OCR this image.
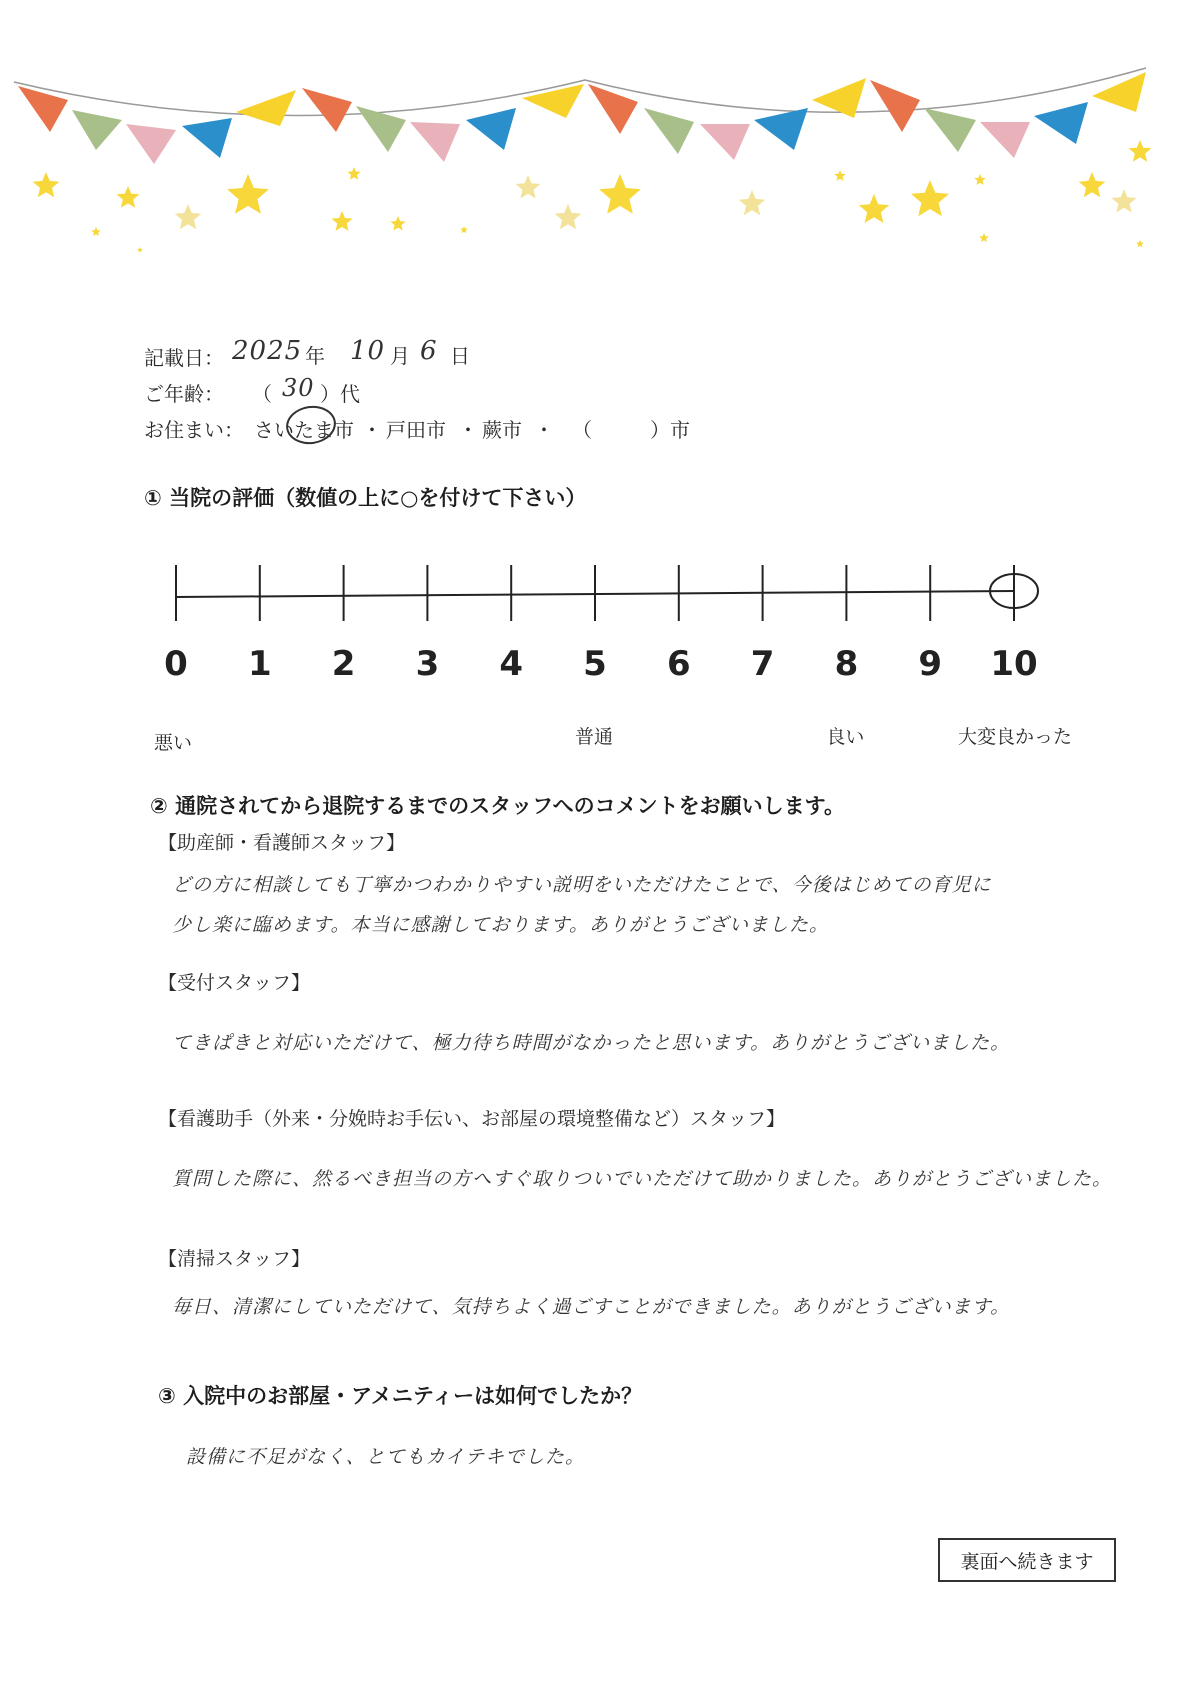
記載日： 2025 年 10 月 6 日
ご年齢： （ 30 ）代
お住まい： さいたま市 ・ 戸田市 ・ 蕨市 ・ （	）市
① 当院の評価（数値の上に○を付けて下さい）
0 1 2 3 4 5 6 7 8 9 10
悪い	普通	良い	大変良かった
② 通院されてから退院するまでのスタッフへのコメントをお願いします。
【助産師・看護師スタッフ】
どの方に相談しても丁寧かつわかりやすい説明をいただけたことで、今後はじめての育児に
少し楽に臨めます。本当に感謝しております。ありがとうございました。
【受付スタッフ】
てきぱきと対応いただけて、極力待ち時間がなかったと思います。ありがとうございました。
【看護助手（外来・分娩時お手伝い、お部屋の環境整備など）スタッフ】
質問した際に、然るべき担当の方へすぐ取りついでいただけて助かりました。ありがとうございました。
【清掃スタッフ】
毎日、清潔にしていただけて、気持ちよく過ごすことができました。ありがとうございます。
③ 入院中のお部屋・アメニティーは如何でしたか？
設備に不足がなく、とてもカイテキでした。
裏面へ続きます
